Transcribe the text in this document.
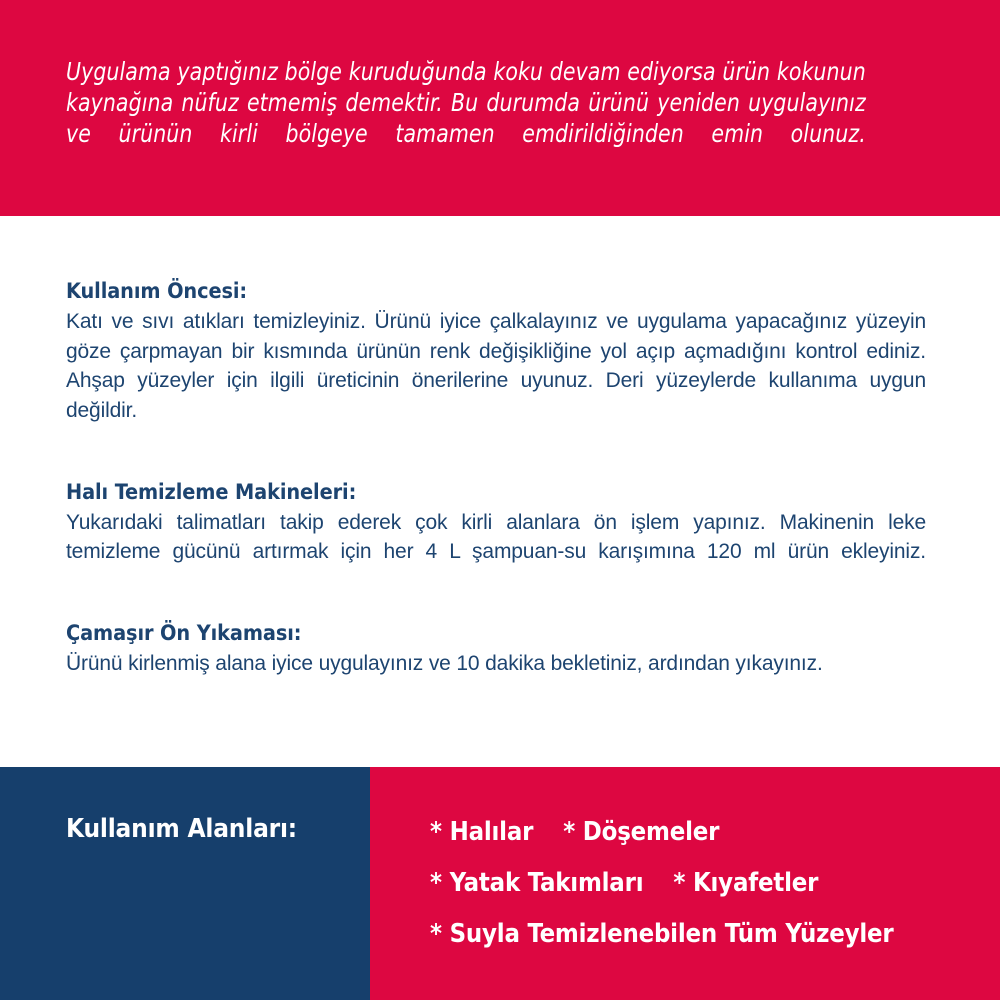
Uygulama yaptığınız bölge kuruduğunda koku devam ediyorsa ürün kokunun kaynağına nüfuz etmemiş demektir. Bu durumda ürünü yeniden uygulayınız ve ürünün kirli bölgeye tamamen emdirildiğinden emin olunuz.
Kullanım Öncesi:
Katı ve sıvı atıkları temizleyiniz. Ürünü iyice çalkalayınız ve uygulama yapacağınız yüzeyin göze çarpmayan bir kısmında ürünün renk değişikliğine yol açıp açmadığını kontrol ediniz. Ahşap yüzeyler için ilgili üreticinin önerilerine uyunuz. Deri yüzeylerde kullanıma uygun değildir.
Halı Temizleme Makineleri:
Yukarıdaki talimatları takip ederek çok kirli alanlara ön işlem yapınız. Makinenin leke temizleme gücünü artırmak için her 4 L şampuan-su karışımına 120 ml ürün ekleyiniz.
Çamaşır Ön Yıkaması:
Ürünü kirlenmiş alana iyice uygulayınız ve 10 dakika bekletiniz, ardından yıkayınız.
Kullanım Alanları:	* Halılar * Döşemeler
* Yatak Takımları * Kıyafetler
* Suyla Temizlenebilen Tüm Yüzeyler
